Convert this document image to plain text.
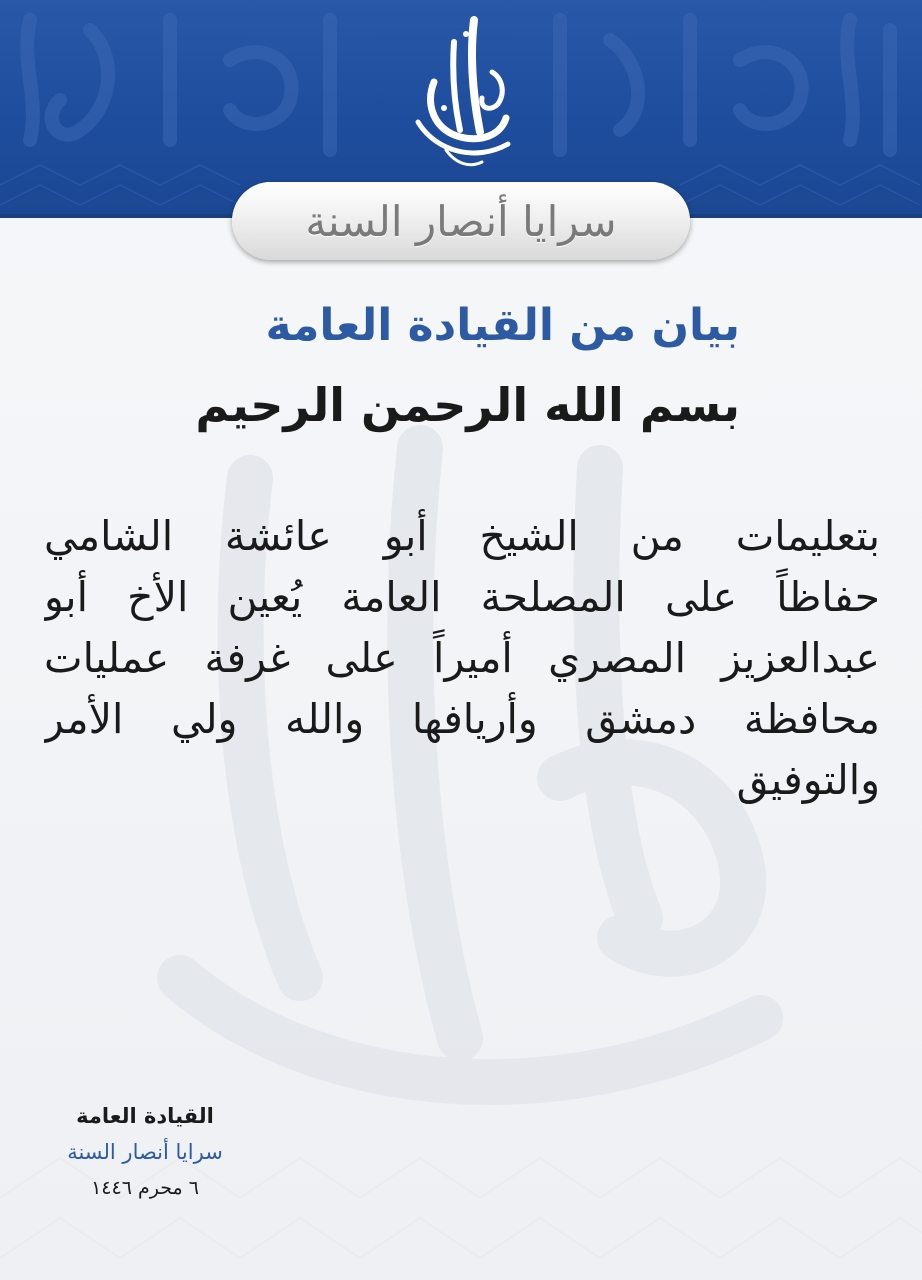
سرايا أنصار السنة
بيان من القيادة العامة
بسم الله الرحمن الرحيم
بتعليمات من الشيخ أبو عائشة الشامي
حفاظاً على المصلحة العامة يُعين الأخ أبو
عبدالعزيز المصري أميراً على غرفة عمليات
محافظة دمشق وأريافها والله ولي الأمر
والتوفيق
القيادة العامة
سرايا أنصار السنة
٦ محرم ١٤٤٦
